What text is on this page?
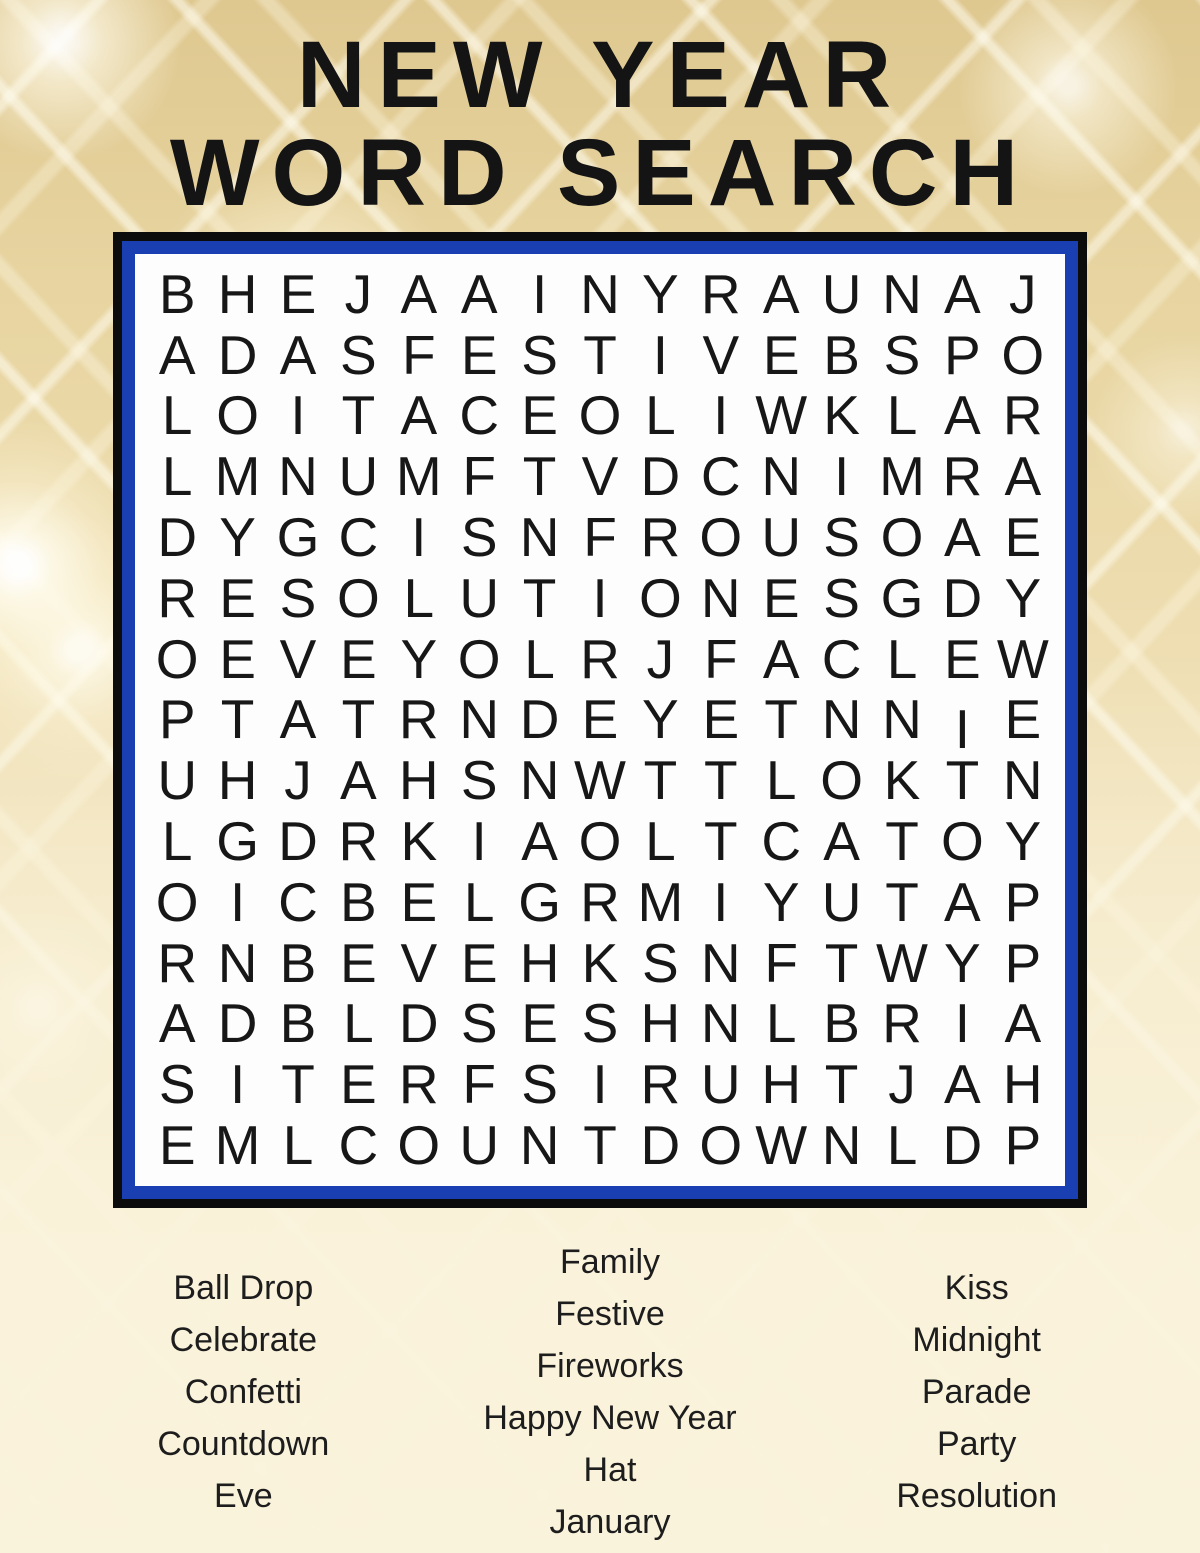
NEW YEAR
WORD SEARCH
B H E J A A I N Y R A U N A J
A D A S F E S T I V E B S P O
L O I T A C E O L I W K L A R
L M N U M F T V D C N I M R A
D Y G C I S N F R O U S O A E
R E S O L U T I O N E S G D Y
O E V E Y O L R J F A C L E W
P T A T R N D E Y E T N N I E
U H J A H S N W T T L O K T N
L G D R K I A O L T C A T O Y
O I C B E L G R M I Y U T A P
R N B E V E H K S N F T W Y P
A D B L D S E S H N L B R I A
S I T E R F S I R U H T J A H
E M L C O U N T D O W N L D P
Ball Drop
Celebrate
Confetti
Countdown
Eve
Family
Festive
Fireworks
Happy New Year
Hat
January
Kiss
Midnight
Parade
Party
Resolution
